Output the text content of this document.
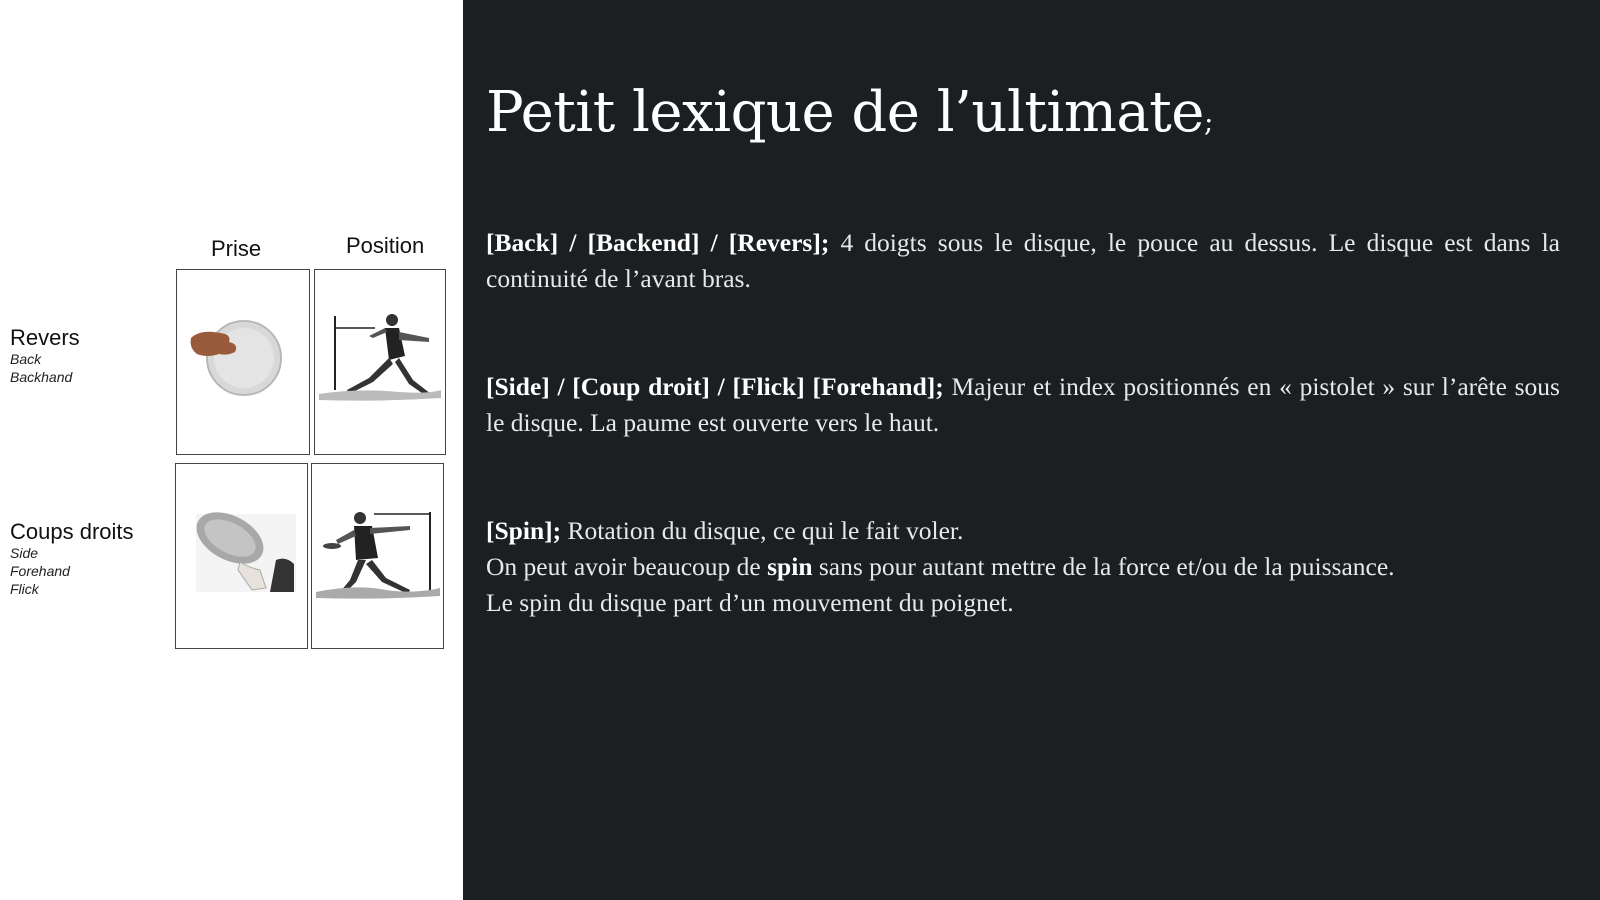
Prise	Position
Revers
Back
Backhand
Coups droits
Side
Forehand
Flick
Petit lexique de l’ultimate;
[Back] / [Backend] / [Revers]; 4 doigts sous le disque, le pouce au dessus. Le disque est dans la continuité de l’avant bras.
[Side] / [Coup droit] / [Flick] [Forehand]; Majeur et index positionnés en « pistolet » sur l’arête sous le disque. La paume est ouverte vers le haut.
[Spin]; Rotation du disque, ce qui le fait voler.
On peut avoir beaucoup de spin sans pour autant mettre de la force et/ou de la puissance.
Le spin du disque part d’un mouvement du poignet.
